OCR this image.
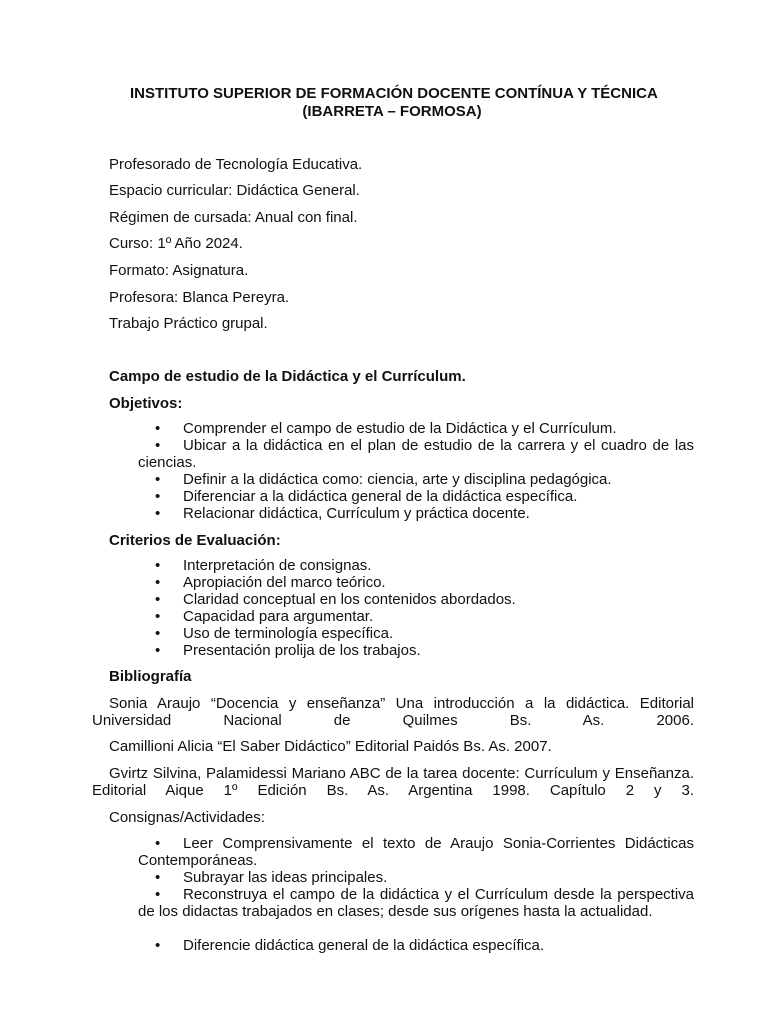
INSTITUTO SUPERIOR DE FORMACIÓN DOCENTE CONTÍNUA Y TÉCNICA
(IBARRETA – FORMOSA)
Profesorado de Tecnología Educativa.
Espacio curricular: Didáctica General.
Régimen de cursada: Anual con final.
Curso: 1º Año 2024.
Formato: Asignatura.
Profesora: Blanca Pereyra.
Trabajo Práctico grupal.
Campo de estudio de la Didáctica y el Currículum.
Objetivos:
•	Comprender el campo de estudio de la Didáctica y el Currículum.
•	Ubicar a la didáctica en el plan de estudio de la carrera y el cuadro de las ciencias.
•	Definir a la didáctica como: ciencia, arte y disciplina pedagógica.
•	Diferenciar a la didáctica general de la didáctica específica.
•	Relacionar didáctica, Currículum y práctica docente.
Criterios de Evaluación:
•	Interpretación de consignas.
•	Apropiación del marco teórico.
•	Claridad conceptual en los contenidos abordados.
•	Capacidad para argumentar.
•	Uso de terminología específica.
•	Presentación prolija de los trabajos.
Bibliografía
Sonia Araujo “Docencia y enseñanza” Una introducción a la didáctica. Editorial Universidad Nacional de Quilmes Bs. As. 2006.
Camillioni Alicia “El Saber Didáctico” Editorial Paidós Bs. As. 2007.
Gvirtz Silvina, Palamidessi Mariano ABC de la tarea docente: Currículum y Enseñanza. Editorial Aique 1º Edición Bs. As. Argentina 1998. Capítulo 2 y 3.
Consignas/Actividades:
•	Leer Comprensivamente el texto de Araujo Sonia-Corrientes Didácticas Contemporáneas.
•	Subrayar las ideas principales.
•	Reconstruya el campo de la didáctica y el Currículum desde la perspectiva de los didactas trabajados en clases; desde sus orígenes hasta la actualidad.
•	Diferencie didáctica general de la didáctica específica.
